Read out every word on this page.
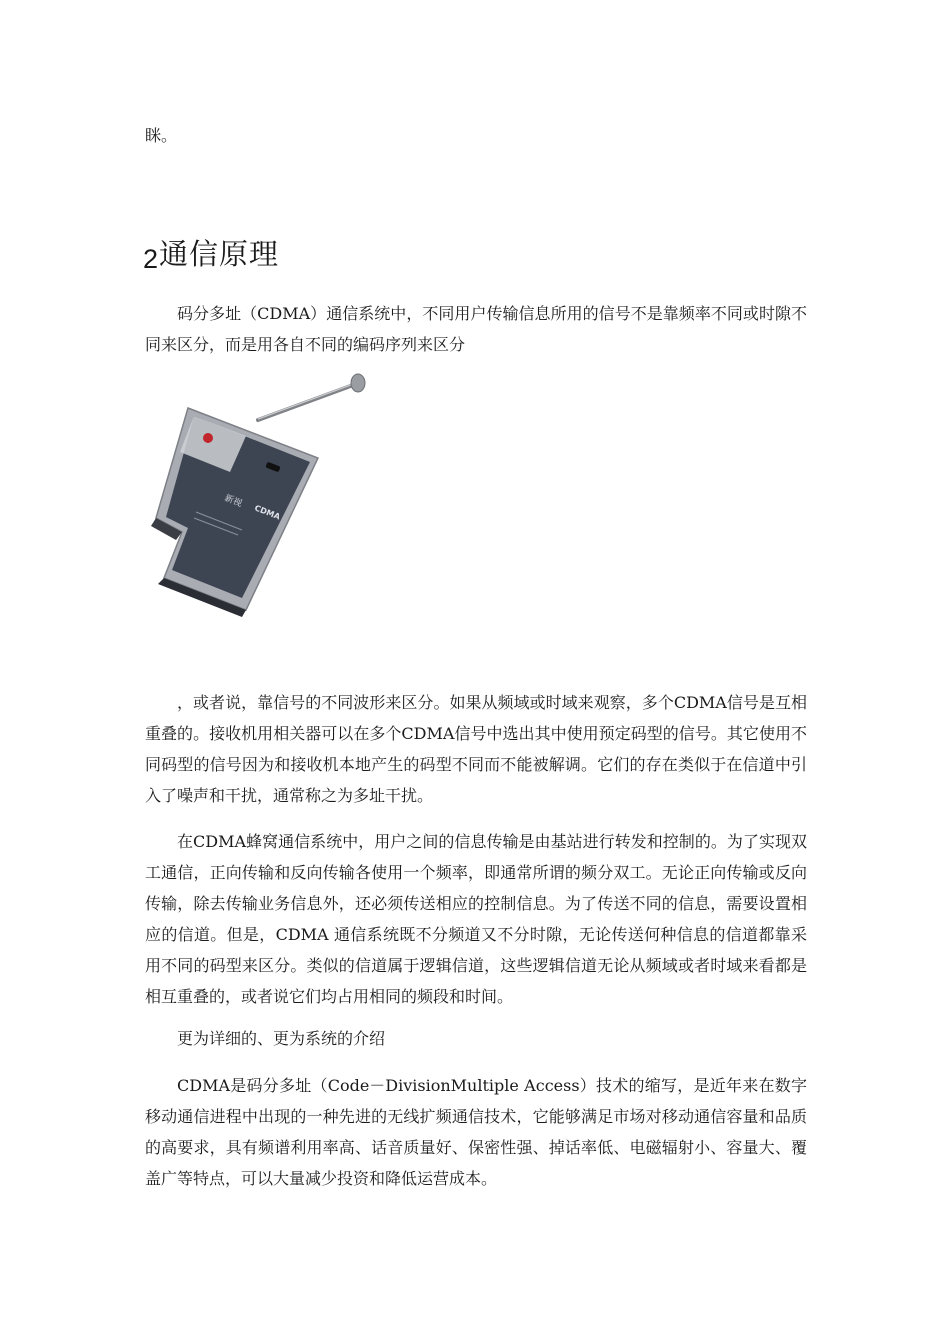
眯。
2通信原理

码分多址（CDMA）通信系统中，不同用户传输信息所用的信号不是靠频率不同或时隙不同来区分，而是用各自不同的编码序列来区分

新视
CDMA

，或者说，靠信号的不同波形来区分。如果从频域或时域来观察，多个CDMA信号是互相重叠的。接收机用相关器可以在多个CDMA信号中选出其中使用预定码型的信号。其它使用不同码型的信号因为和接收机本地产生的码型不同而不能被解调。它们的存在类似于在信道中引入了噪声和干扰，通常称之为多址干扰。

在CDMA蜂窝通信系统中，用户之间的信息传输是由基站进行转发和控制的。为了实现双工通信，正向传输和反向传输各使用一个频率，即通常所谓的频分双工。无论正向传输或反向传输，除去传输业务信息外，还必须传送相应的控制信息。为了传送不同的信息，需要设置相应的信道。但是，CDMA 通信系统既不分频道又不分时隙，无论传送何种信息的信道都靠采用不同的码型来区分。类似的信道属于逻辑信道，这些逻辑信道无论从频域或者时域来看都是相互重叠的，或者说它们均占用相同的频段和时间。

更为详细的、更为系统的介绍

CDMA是码分多址（Code－DivisionMultiple Access）技术的缩写，是近年来在数字移动通信进程中出现的一种先进的无线扩频通信技术，它能够满足市场对移动通信容量和品质的高要求，具有频谱利用率高、话音质量好、保密性强、掉话率低、电磁辐射小、容量大、覆盖广等特点，可以大量减少投资和降低运营成本。
